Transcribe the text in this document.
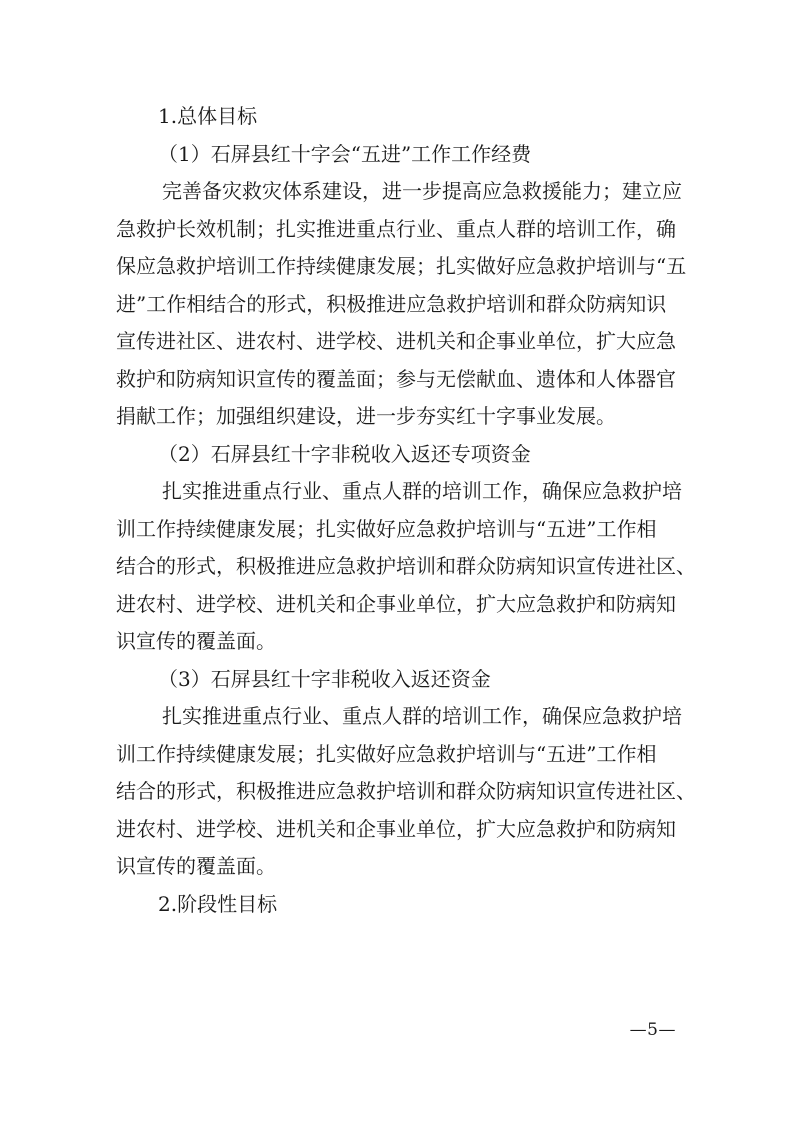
1.总体目标
（1）石屏县红十字会“五进”工作工作经费
完善备灾救灾体系建设，进一步提高应急救援能力；建立应
急救护长效机制；扎实推进重点行业、重点人群的培训工作，确
保应急救护培训工作持续健康发展；扎实做好应急救护培训与“五
进”工作相结合的形式，积极推进应急救护培训和群众防病知识
宣传进社区、进农村、进学校、进机关和企事业单位，扩大应急
救护和防病知识宣传的覆盖面；参与无偿献血、遗体和人体器官
捐献工作；加强组织建设，进一步夯实红十字事业发展。
（2）石屏县红十字非税收入返还专项资金
扎实推进重点行业、重点人群的培训工作，确保应急救护培
训工作持续健康发展；扎实做好应急救护培训与“五进”工作相
结合的形式，积极推进应急救护培训和群众防病知识宣传进社区、
进农村、进学校、进机关和企事业单位，扩大应急救护和防病知
识宣传的覆盖面。
（3）石屏县红十字非税收入返还资金
扎实推进重点行业、重点人群的培训工作，确保应急救护培
训工作持续健康发展；扎实做好应急救护培训与“五进”工作相
结合的形式，积极推进应急救护培训和群众防病知识宣传进社区、
进农村、进学校、进机关和企事业单位，扩大应急救护和防病知
识宣传的覆盖面。
2.阶段性目标
—5—
